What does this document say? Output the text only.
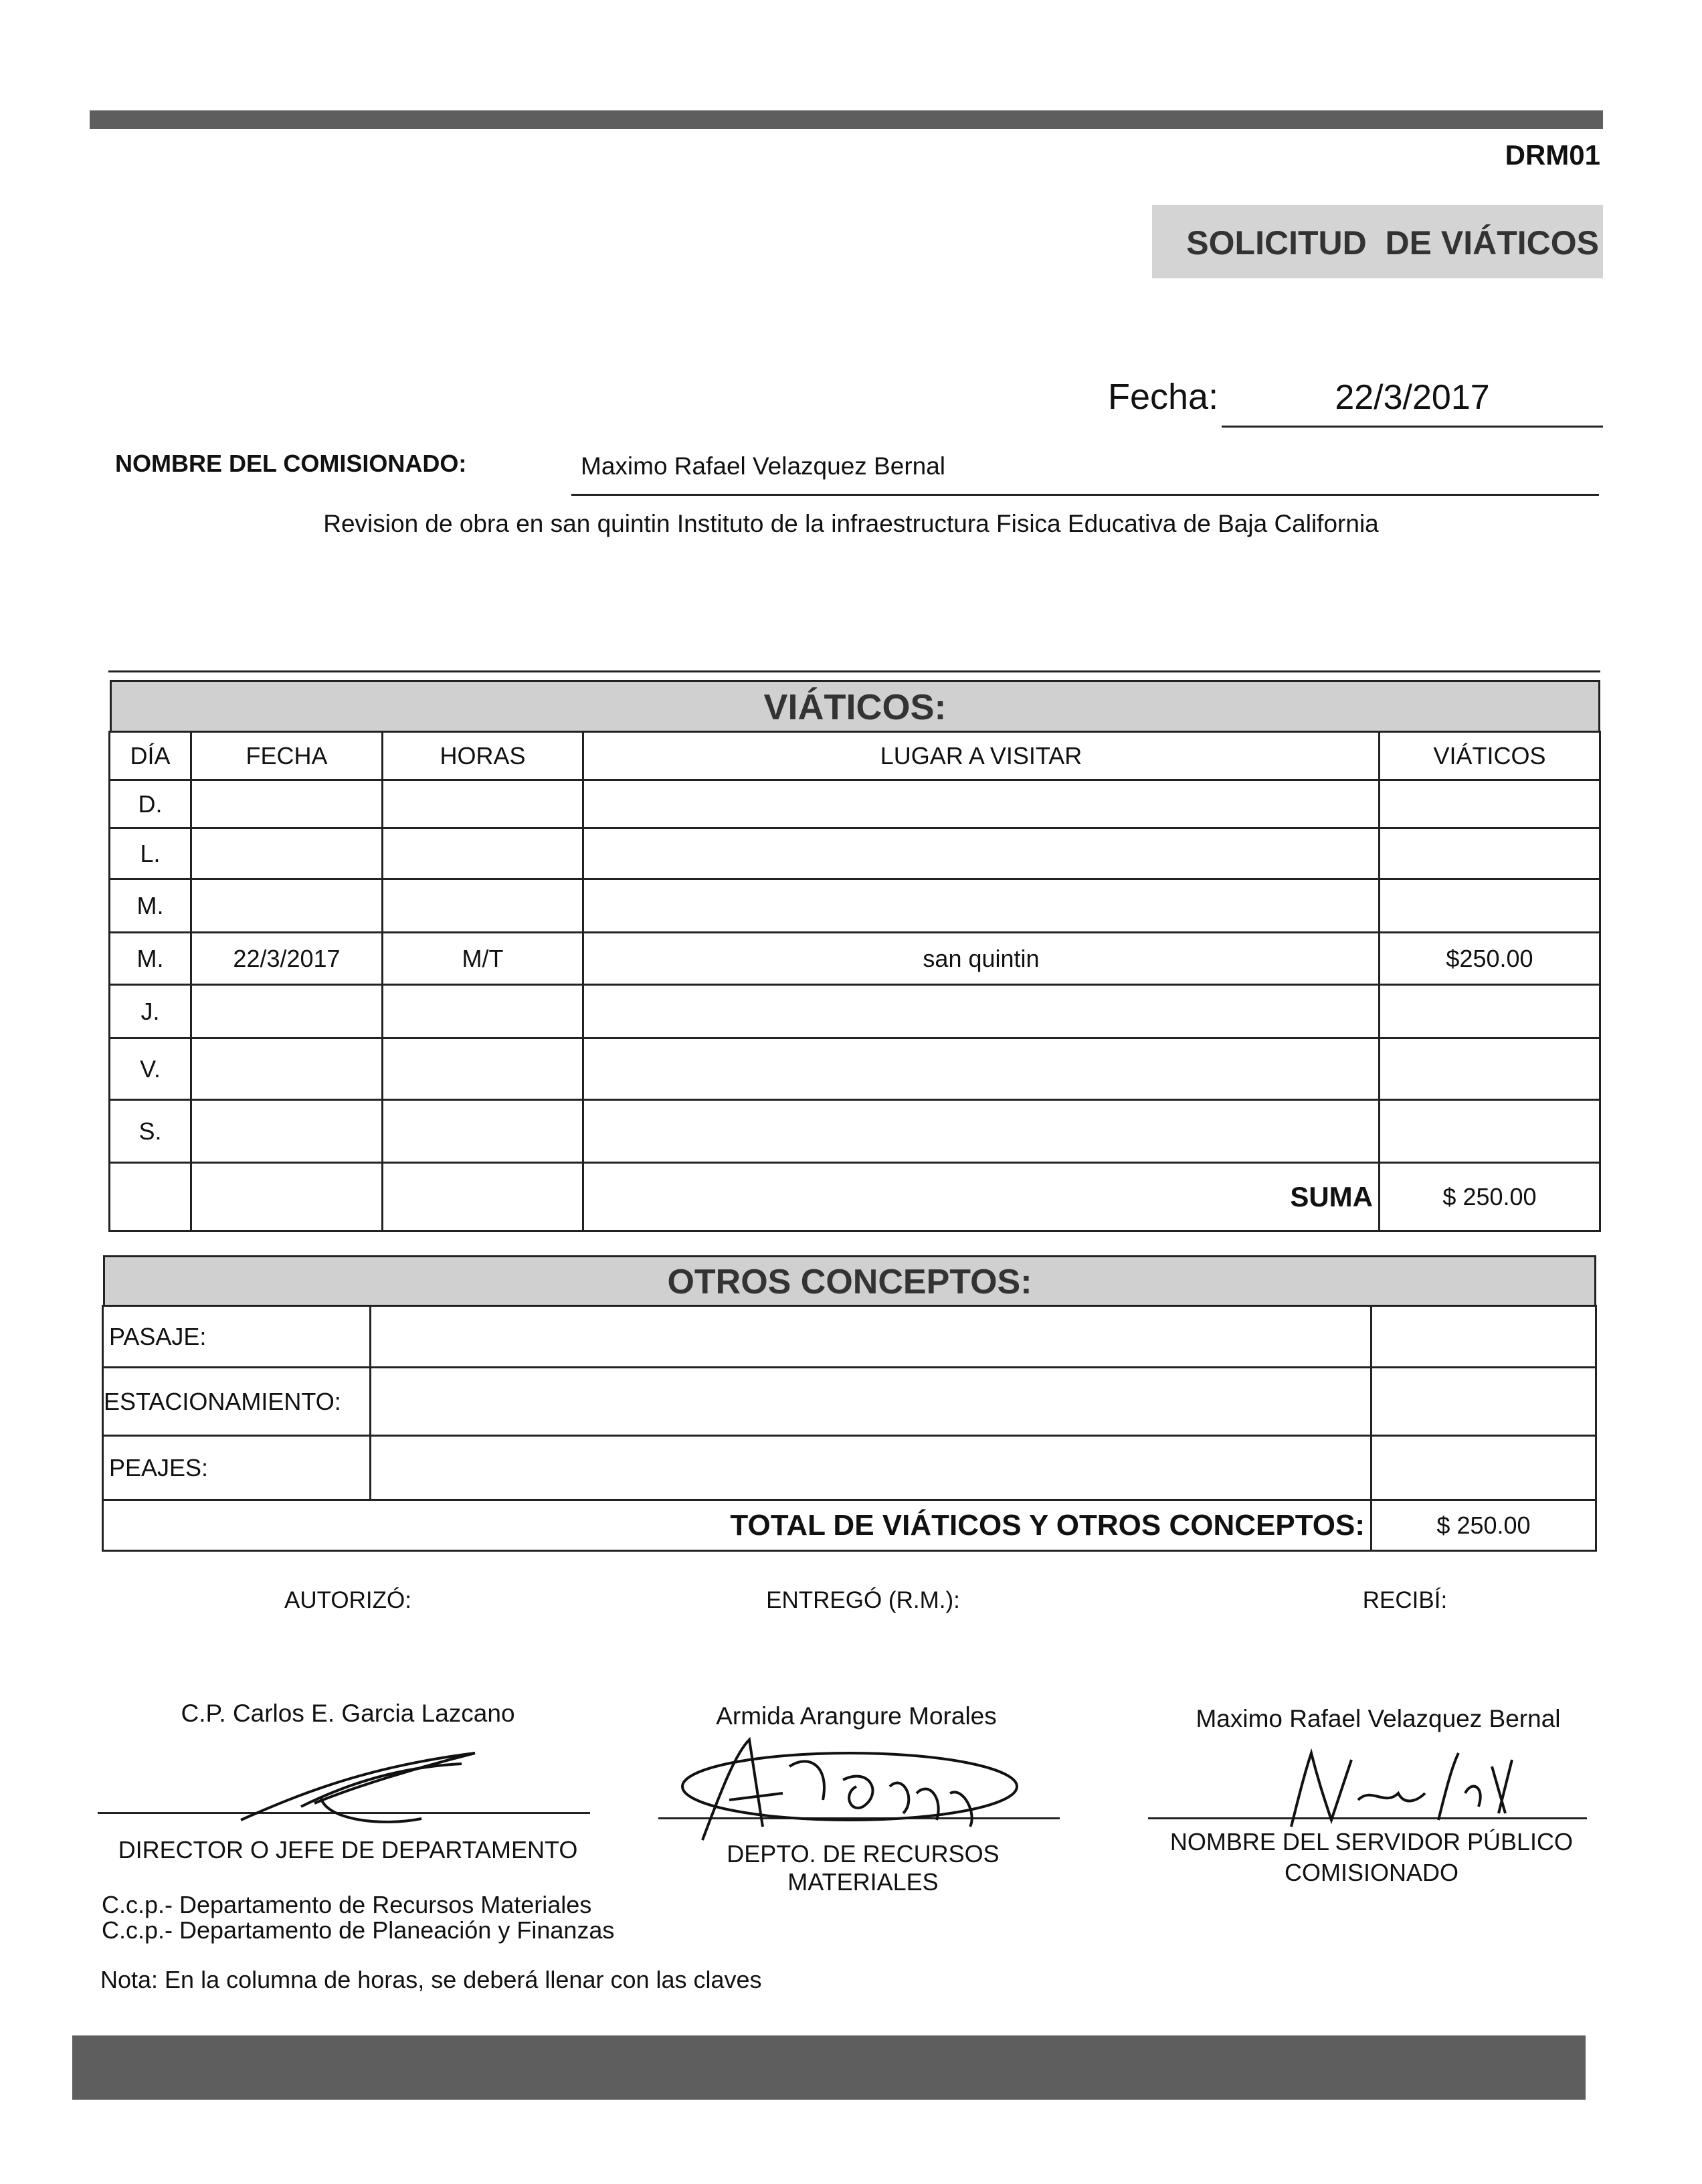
DRM01
SOLICITUD  DE VIÁTICOS
Fecha:	22/3/2017
NOMBRE DEL COMISIONADO:	Maximo Rafael Velazquez Bernal
Revision de obra en san quintin Instituto de la infraestructura Fisica Educativa de Baja California
VIÁTICOS:
DÍA	FECHA	HORAS	LUGAR A VISITAR	VIÁTICOS
D.				
L.				
M.				
M.	22/3/2017	M/T	san quintin	$250.00
J.				
V.				
S.				
			SUMA	$ 250.00
OTROS CONCEPTOS:
PASAJE:		
ESTACIONAMIENTO:		
PEAJES:		
TOTAL DE VIÁTICOS Y OTROS CONCEPTOS:		$ 250.00
AUTORIZÓ:	ENTREGÓ (R.M.):	RECIBÍ:
C.P. Carlos E. Garcia Lazcano	Armida Arangure Morales	Maximo Rafael Velazquez Bernal
DIRECTOR O JEFE DE DEPARTAMENTO	DEPTO. DE RECURSOS MATERIALES
NOMBRE DEL SERVIDOR PÚBLICO
COMISIONADO
C.c.p.- Departamento de Recursos Materiales
C.c.p.- Departamento de Planeación y Finanzas
Nota: En la columna de horas, se deberá llenar con las claves
